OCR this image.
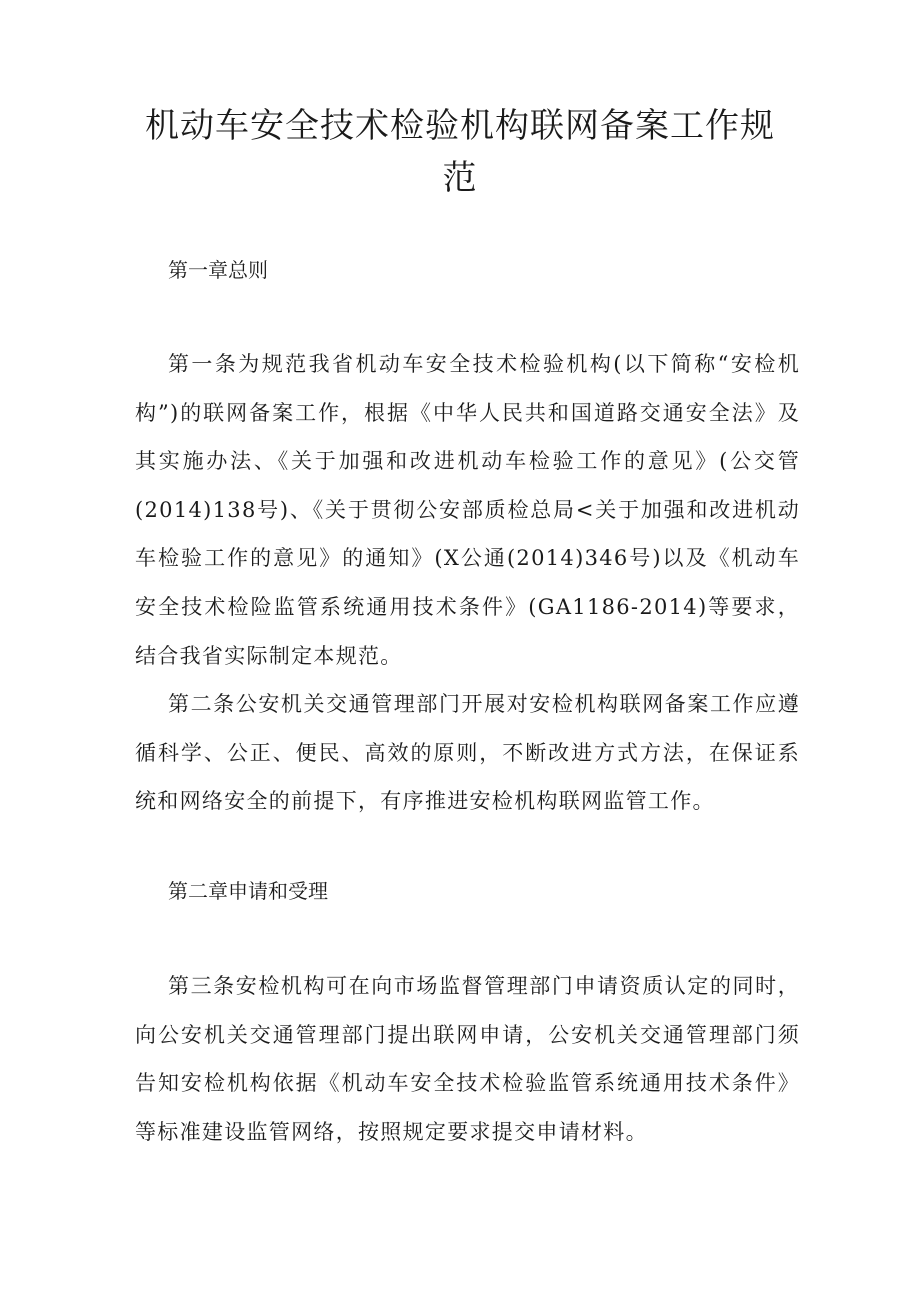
机动车安全技术检验机构联网备案工作规范
第一章总则

第一条为规范我省机动车安全技术检验机构(以下简称“安检机构”)的联网备案工作，根据《中华人民共和国道路交通安全法》及其实施办法、《关于加强和改进机动车检验工作的意见》(公交管(2014)138号)、《关于贯彻公安部质检总局<关于加强和改进机动车检验工作的意见》的通知》(X公通(2014)346号)以及《机动车安全技术检险监管系统通用技术条件》(GA1186-2014)等要求，结合我省实际制定本规范。

第二条公安机关交通管理部门开展对安检机构联网备案工作应遵循科学、公正、便民、高效的原则，不断改进方式方法，在保证系统和网络安全的前提下，有序推进安检机构联网监管工作。

第二章申请和受理

第三条安检机构可在向市场监督管理部门申请资质认定的同时，向公安机关交通管理部门提出联网申请，公安机关交通管理部门须告知安检机构依据《机动车安全技术检验监管系统通用技术条件》等标准建设监管网络，按照规定要求提交申请材料。
